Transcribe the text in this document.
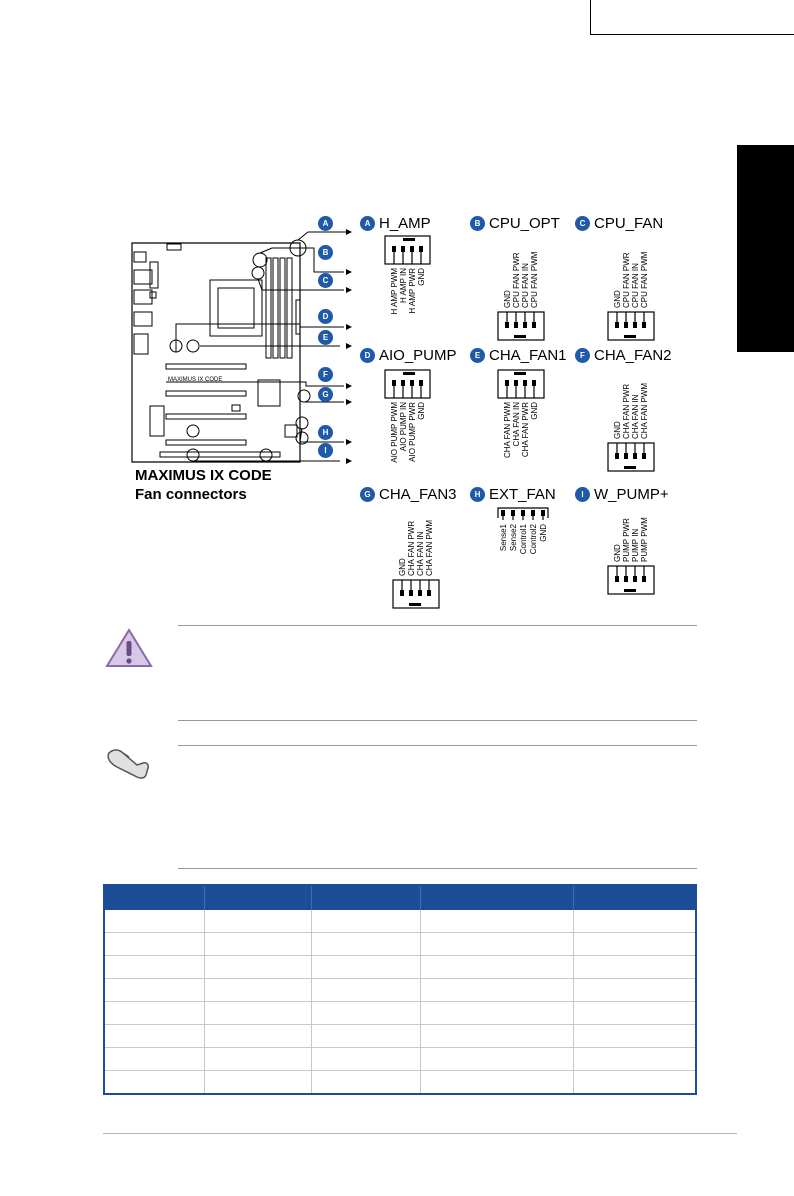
MAXIMUS IX CODE
A
B
C
D
E
F
G
H
I
A H_AMP	B CPU_OPT	C CPU_FAN
D AIO_PUMP	E CHA_FAN1	F CHA_FAN2
G CHA_FAN3	H EXT_FAN	I W_PUMP+
H AMP PWM H AMP IN H AMP PWR GND
GND CPU FAN PWR CPU FAN IN CPU FAN PWM	GND CPU FAN PWR CPU FAN IN CPU FAN PWM
AIO PUMP PWM AIO PUMP IN AIO PUMP PWR GND	CHA FAN PWM CHA FAN IN CHA FAN PWR GND
GND CHA FAN PWR CHA FAN IN CHA FAN PWM
GND CHA FAN PWR CHA FAN IN CHA FAN PWM	Sense1 Sense2 Control1 Control2 GND
GND PUMP PWR PUMP IN PUMP PWM
MAXIMUS IX CODE
Fan connectors
